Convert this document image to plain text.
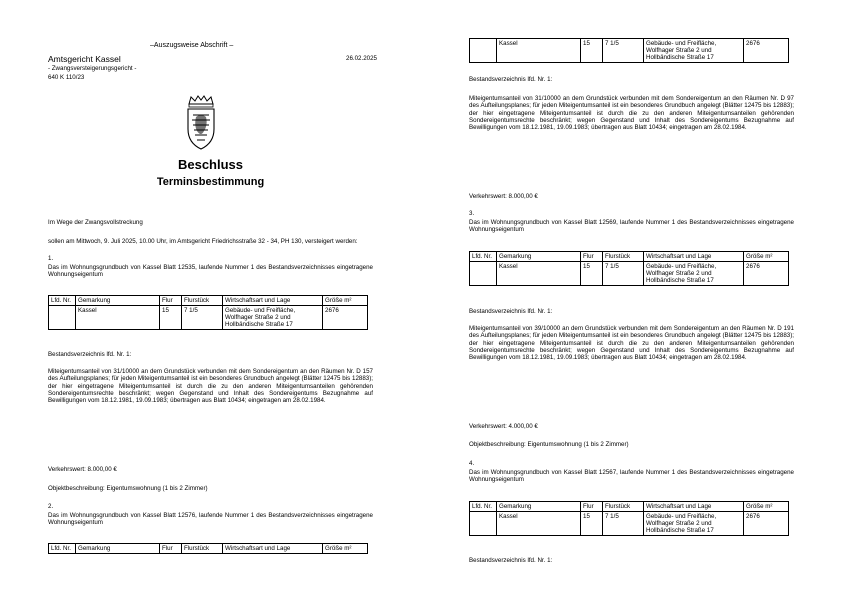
–Auszugsweise Abschrift –
Amtsgericht Kassel	26.02.2025
- Zwangsversteigerungsgericht -
640 K 110/23
Beschluss
Terminsbestimmung
Im Wege der Zwangsvollstreckung
sollen am Mittwoch, 9. Juli 2025, 10.00 Uhr, im Amtsgericht Friedrichsstraße 32 - 34, PH 130, versteigert werden:
1.
Das im Wohnungsgrundbuch von Kassel Blatt 12535, laufende Nummer 1 des Bestandsverzeichnisses eingetragene Wohnungseigentum
Lfd. Nr.	Gemarkung	Flur	Flurstück	Wirtschaftsart und Lage	Größe m²
	Kassel	15	7 1/5	Gebäude- und Freifläche, Wolfhager Straße 2 und Hollbändische Straße 17	2676
Bestandsverzeichnis lfd. Nr. 1:
Miteigentumsanteil von 31/10000 an dem Grundstück verbunden mit dem Sondereigentum an den Räumen Nr. D 157 des Aufteilungsplanes; für jeden Miteigentumsanteil ist ein besonderes Grundbuch angelegt (Blätter 12475 bis 12883); der hier eingetragene Miteigentumsanteil ist durch die zu den anderen Miteigentumsanteilen gehörenden Sondereigentumsrechte beschränkt; wegen Gegenstand und Inhalt des Sondereigentums Bezugnahme auf Bewilligungen vom 18.12.1981, 19.09.1983; übertragen aus Blatt 10434; eingetragen am 28.02.1984.
Verkehrswert: 8.000,00 €
Objektbeschreibung: Eigentumswohnung (1 bis 2 Zimmer)
2.
Das im Wohnungsgrundbuch von Kassel Blatt 12576, laufende Nummer 1 des Bestandsverzeichnisses eingetragene Wohnungseigentum
Lfd. Nr.	Gemarkung	Flur	Flurstück	Wirtschaftsart und Lage	Größe m²
	Kassel	15	7 1/5	Gebäude- und Freifläche, Wolfhager Straße 2 und Hollbändische Straße 17	2676
Bestandsverzeichnis lfd. Nr. 1:
Miteigentumsanteil von 31/10000 an dem Grundstück verbunden mit dem Sondereigentum an den Räumen Nr. D 97 des Aufteilungsplanes; für jeden Miteigentumsanteil ist ein besonderes Grundbuch angelegt (Blätter 12475 bis 12883); der hier eingetragene Miteigentumsanteil ist durch die zu den anderen Miteigentumsanteilen gehörenden Sondereigentumsrechte beschränkt; wegen Gegenstand und Inhalt des Sondereigentums Bezugnahme auf Bewilligungen vom 18.12.1981, 19.09.1983; übertragen aus Blatt 10434; eingetragen am 28.02.1984.
Verkehrswert: 8.000,00 €
3.
Das im Wohnungsgrundbuch von Kassel Blatt 12569, laufende Nummer 1 des Bestandsverzeichnisses eingetragene Wohnungseigentum
Lfd. Nr.	Gemarkung	Flur	Flurstück	Wirtschaftsart und Lage	Größe m²
	Kassel	15	7 1/5	Gebäude- und Freifläche, Wolfhager Straße 2 und Hollbändische Straße 17	2676
Bestandsverzeichnis lfd. Nr. 1:
Miteigentumsanteil von 39/10000 an dem Grundstück verbunden mit dem Sondereigentum an den Räumen Nr. D 191 des Aufteilungsplanes; für jeden Miteigentumsanteil ist ein besonderes Grundbuch angelegt (Blätter 12475 bis 12883); der hier eingetragene Miteigentumsanteil ist durch die zu den anderen Miteigentumsanteilen gehörenden Sondereigentumsrechte beschränkt; wegen Gegenstand und Inhalt des Sondereigentums Bezugnahme auf Bewilligungen vom 18.12.1981, 19.09.1983; übertragen aus Blatt 10434; eingetragen am 28.02.1984.
Verkehrswert: 4.000,00 €
Objektbeschreibung: Eigentumswohnung (1 bis 2 Zimmer)
4.
Das im Wohnungsgrundbuch von Kassel Blatt 12567, laufende Nummer 1 des Bestandsverzeichnisses eingetragene Wohnungseigentum
Lfd. Nr.	Gemarkung	Flur	Flurstück	Wirtschaftsart und Lage	Größe m²
	Kassel	15	7 1/5	Gebäude- und Freifläche, Wolfhager Straße 2 und Hollbändische Straße 17	2676
Bestandsverzeichnis lfd. Nr. 1:
